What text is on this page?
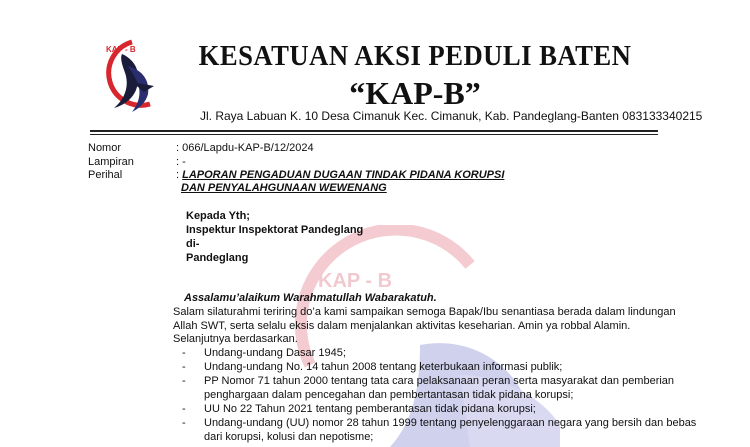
KAP - B KESATUAN AKSI PEDULI BATEN
“KAP-B”
Jl. Raya Labuan K. 10 Desa Cimanuk Kec. Cimanuk, Kab. Pandeglang-Banten 083133340215
KAP - B
Nomor	: 066/Lapdu-KAP-B/12/2024
Lampiran	: -
Perihal	: LAPORAN PENGADUAN DUGAAN TINDAK PIDANA KORUPSI
DAN PENYALAHGUNAAN WEWENANG
Kepada Yth;
Inspektur Inspektorat Pandeglang
di-
Pandeglang
Assalamu’alaikum Warahmatullah Wabarakatuh.
Salam silaturahmi teriring do’a kami sampaikan semoga Bapak/Ibu senantiasa berada dalam lindungan
Allah SWT, serta selalu eksis dalam menjalankan aktivitas keseharian. Amin ya robbal Alamin.
Selanjutnya berdasarkan.
- Undang-undang Dasar 1945;
- Undang-undang No. 14 tahun 2008 tentang keterbukaan informasi publik;
- PP Nomor 71 tahun 2000 tentang tata cara pelaksanaan peran serta masyarakat dan pemberian
penghargaan dalam pencegahan dan pembertantasan tidak pidana korupsi;
- UU No 22 Tahun 2021 tentang pemberantasan tidak pidana korupsi;
- Undang-undang (UU) nomor 28 tahun 1999 tentang penyelenggaraan negara yang bersih dan bebas
dari korupsi, kolusi dan nepotisme;
